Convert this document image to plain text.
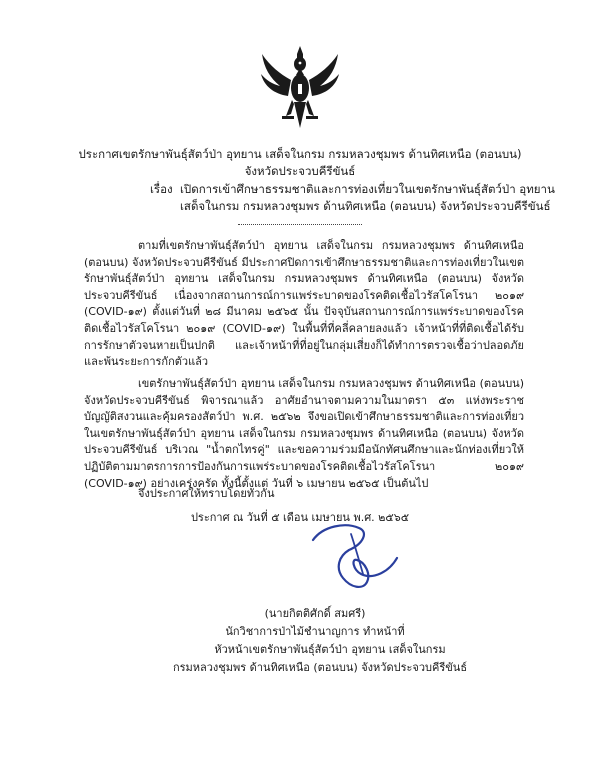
ประกาศเขตรักษาพันธุ์สัตว์ป่า อุทยาน เสด็จในกรม กรมหลวงชุมพร ด้านทิศเหนือ (ตอนบน)
จังหวัดประจวบคีรีขันธ์
เรื่อง เปิดการเข้าศึกษาธรรมชาติและการท่องเที่ยวในเขตรักษาพันธุ์สัตว์ป่า อุทยาน
เสด็จในกรม กรมหลวงชุมพร ด้านทิศเหนือ (ตอนบน) จังหวัดประจวบคีรีขันธ์
ตามที่เขตรักษาพันธุ์สัตว์ป่า อุทยาน เสด็จในกรม กรมหลวงชุมพร ด้านทิศเหนือ (ตอนบน) จังหวัดประจวบคีรีขันธ์ มีประกาศปิดการเข้าศึกษาธรรมชาติและการท่องเที่ยวในเขตรักษาพันธุ์สัตว์ป่า อุทยาน เสด็จในกรม กรมหลวงชุมพร ด้านทิศเหนือ (ตอนบน) จังหวัดประจวบคีรีขันธ์ เนื่องจากสถานการณ์การแพร่ระบาดของโรคติดเชื้อไวรัสโคโรนา ๒๐๑๙ (COVID-๑๙) ตั้งแต่วันที่ ๒๘ มีนาคม ๒๕๖๕ นั้น ปัจจุบันสถานการณ์การแพร่ระบาดของโรคติดเชื้อไวรัสโคโรนา ๒๐๑๙ (COVID-๑๙) ในพื้นที่ที่คลี่คลายลงแล้ว เจ้าหน้าที่ที่ติดเชื้อได้รับการรักษาตัวจนหายเป็นปกติ และเจ้าหน้าที่ที่อยู่ในกลุ่มเสี่ยงก็ได้ทำการตรวจเชื้อว่าปลอดภัย และพ้นระยะการกักตัวแล้ว
เขตรักษาพันธุ์สัตว์ป่า อุทยาน เสด็จในกรม กรมหลวงชุมพร ด้านทิศเหนือ (ตอนบน) จังหวัดประจวบคีรีขันธ์ พิจารณาแล้ว อาศัยอำนาจตามความในมาตรา ๕๓ แห่งพระราชบัญญัติสงวนและคุ้มครองสัตว์ป่า พ.ศ. ๒๕๖๒ จึงขอเปิดเข้าศึกษาธรรมชาติและการท่องเที่ยวในเขตรักษาพันธุ์สัตว์ป่า อุทยาน เสด็จในกรม กรมหลวงชุมพร ด้านทิศเหนือ (ตอนบน) จังหวัดประจวบคีรีขันธ์ บริเวณ "น้ำตกไทรคู่" และขอความร่วมมือนักทัศนศึกษาและนักท่องเที่ยวให้ปฏิบัติตามมาตรการการป้องกันการแพร่ระบาดของโรคติดเชื้อไวรัสโคโรนา ๒๐๑๙ (COVID-๑๙) อย่างเคร่งครัด ทั้งนี้ตั้งแต่ วันที่ ๖ เมษายน ๒๕๖๕ เป็นต้นไป
จึงประกาศให้ทราบโดยทั่วกัน
ประกาศ ณ วันที่ ๕ เดือน เมษายน พ.ศ. ๒๕๖๕
(นายกิตติศักดิ์ สมศรี)
นักวิชาการป่าไม้ชำนาญการ ทำหน้าที่
หัวหน้าเขตรักษาพันธุ์สัตว์ป่า อุทยาน เสด็จในกรม
กรมหลวงชุมพร ด้านทิศเหนือ (ตอนบน) จังหวัดประจวบคีรีขันธ์
